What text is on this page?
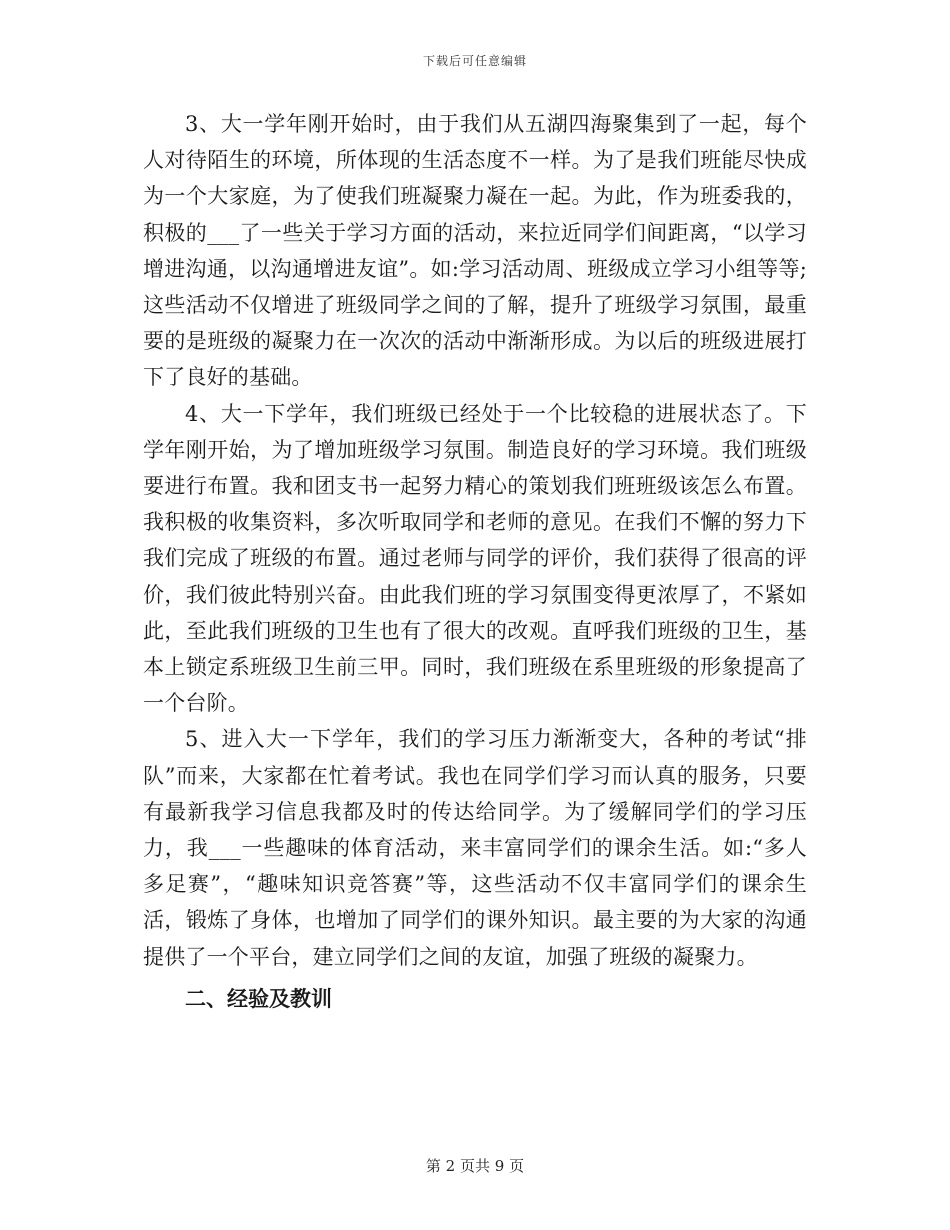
下载后可任意编辑

3、大一学年刚开始时，由于我们从五湖四海聚集到了一起，每个人对待陌生的环境，所体现的生活态度不一样。为了是我们班能尽快成为一个大家庭，为了使我们班凝聚力凝在一起。为此，作为班委我的，积极的___了一些关于学习方面的活动，来拉近同学们间距离，“以学习增进沟通，以沟通增进友谊”。如:学习活动周、班级成立学习小组等等;这些活动不仅增进了班级同学之间的了解，提升了班级学习氛围，最重要的是班级的凝聚力在一次次的活动中渐渐形成。为以后的班级进展打下了良好的基础。

4、大一下学年，我们班级已经处于一个比较稳的进展状态了。下学年刚开始，为了增加班级学习氛围。制造良好的学习环境。我们班级要进行布置。我和团支书一起努力精心的策划我们班班级该怎么布置。我积极的收集资料，多次听取同学和老师的意见。在我们不懈的努力下我们完成了班级的布置。通过老师与同学的评价，我们获得了很高的评价，我们彼此特别兴奋。由此我们班的学习氛围变得更浓厚了，不紧如此，至此我们班级的卫生也有了很大的改观。直呼我们班级的卫生，基本上锁定系班级卫生前三甲。同时，我们班级在系里班级的形象提高了一个台阶。

5、进入大一下学年，我们的学习压力渐渐变大，各种的考试“排队”而来，大家都在忙着考试。我也在同学们学习而认真的服务，只要有最新我学习信息我都及时的传达给同学。为了缓解同学们的学习压力，我___一些趣味的体育活动，来丰富同学们的课余生活。如:“多人多足赛”，“趣味知识竞答赛”等，这些活动不仅丰富同学们的课余生活，锻炼了身体，也增加了同学们的课外知识。最主要的为大家的沟通提供了一个平台，建立同学们之间的友谊，加强了班级的凝聚力。

二、经验及教训

第 2 页共 9 页
